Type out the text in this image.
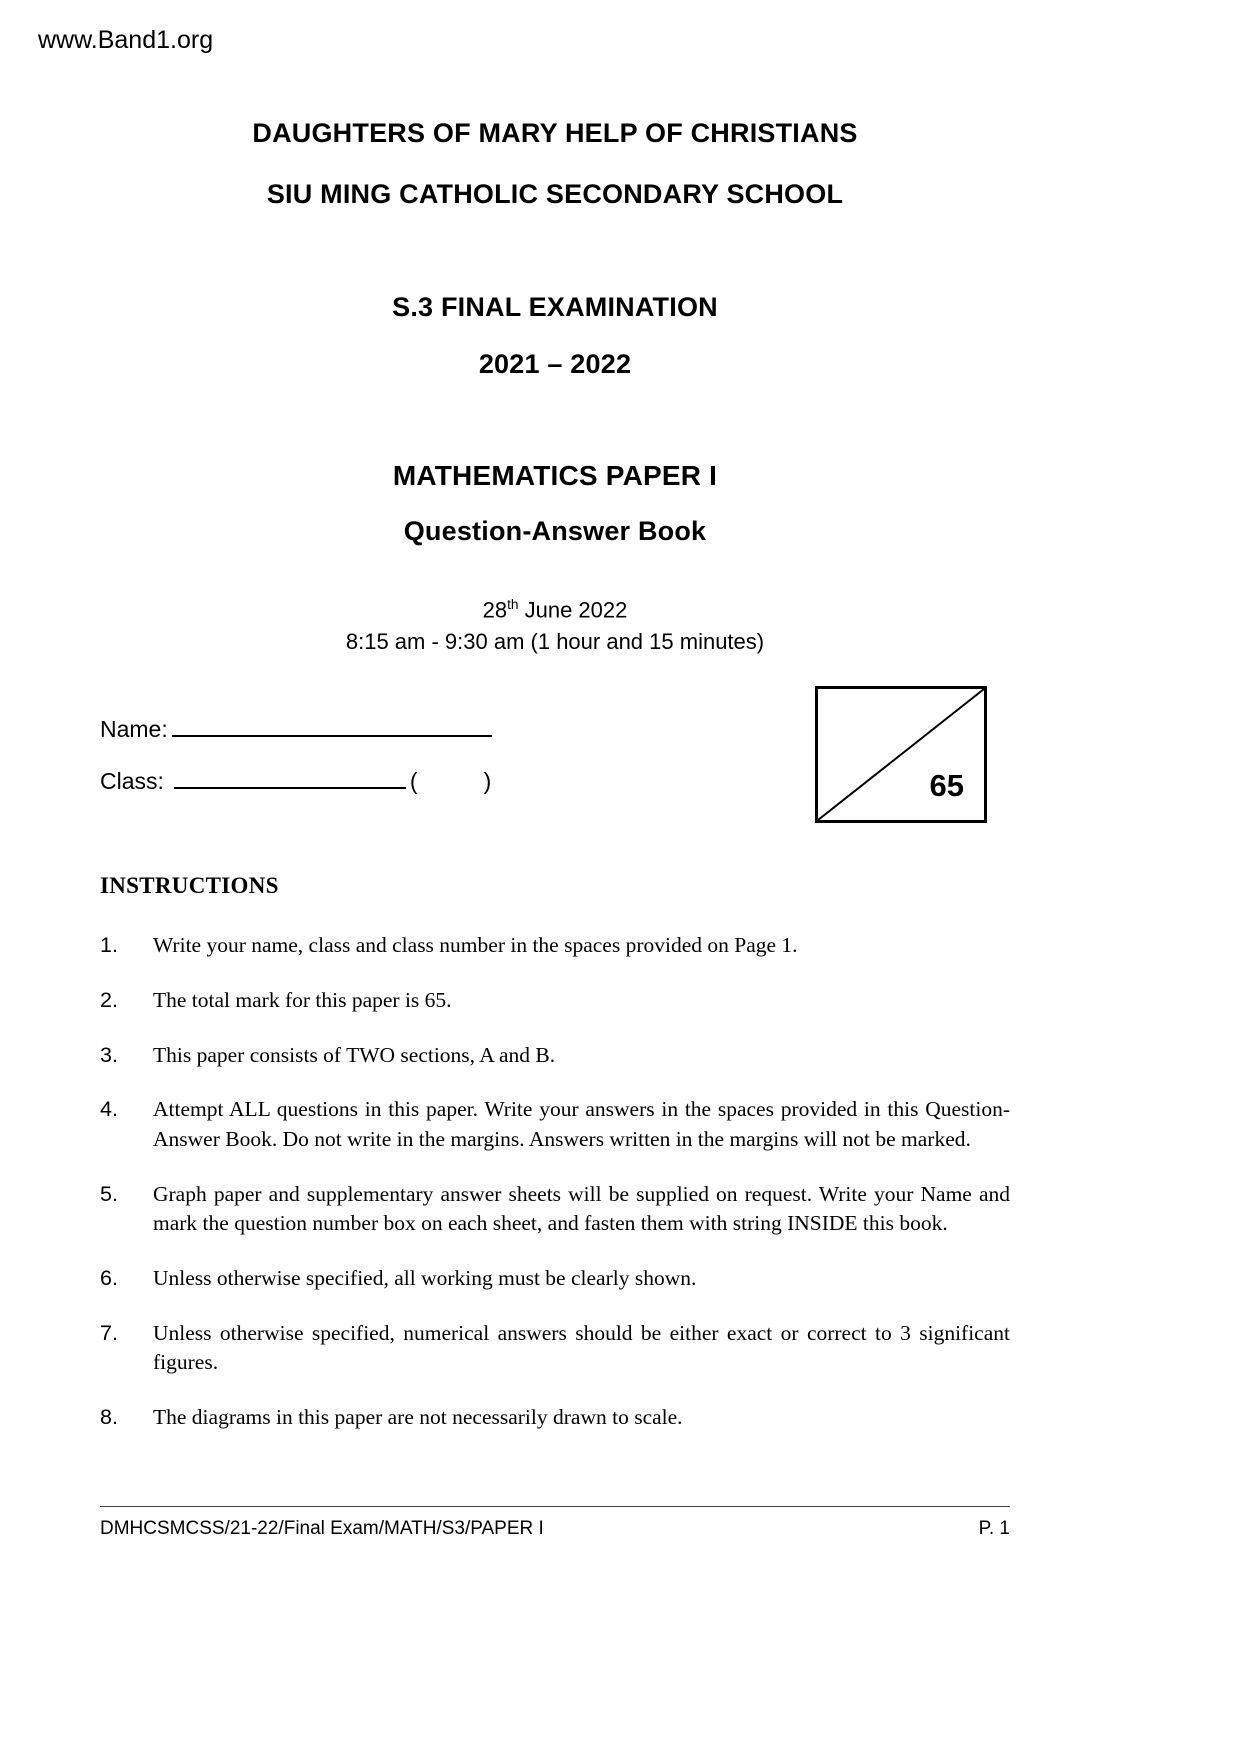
www.Band1.org
DAUGHTERS OF MARY HELP OF CHRISTIANS
SIU MING CATHOLIC SECONDARY SCHOOL
S.3 FINAL EXAMINATION
2021 – 2022
MATHEMATICS PAPER I
Question-Answer Book
28th June 2022
8:15 am - 9:30 am (1 hour and 15 minutes)
Name:
Class:	(	)
INSTRUCTIONS
1.	Write your name, class and class number in the spaces provided on Page 1.
2.	The total mark for this paper is 65.
3.	This paper consists of TWO sections, A and B.
4.	Attempt ALL questions in this paper. Write your answers in the spaces provided in this Question-Answer Book. Do not write in the margins. Answers written in the margins will not be marked.
5.	Graph paper and supplementary answer sheets will be supplied on request. Write your Name and mark the question number box on each sheet, and fasten them with string INSIDE this book.
6.	Unless otherwise specified, all working must be clearly shown.
7.	Unless otherwise specified, numerical answers should be either exact or correct to 3 significant figures.
8.	The diagrams in this paper are not necessarily drawn to scale.
65
DMHCSMCSS/21-22/Final Exam/MATH/S3/PAPER I	P. 1
